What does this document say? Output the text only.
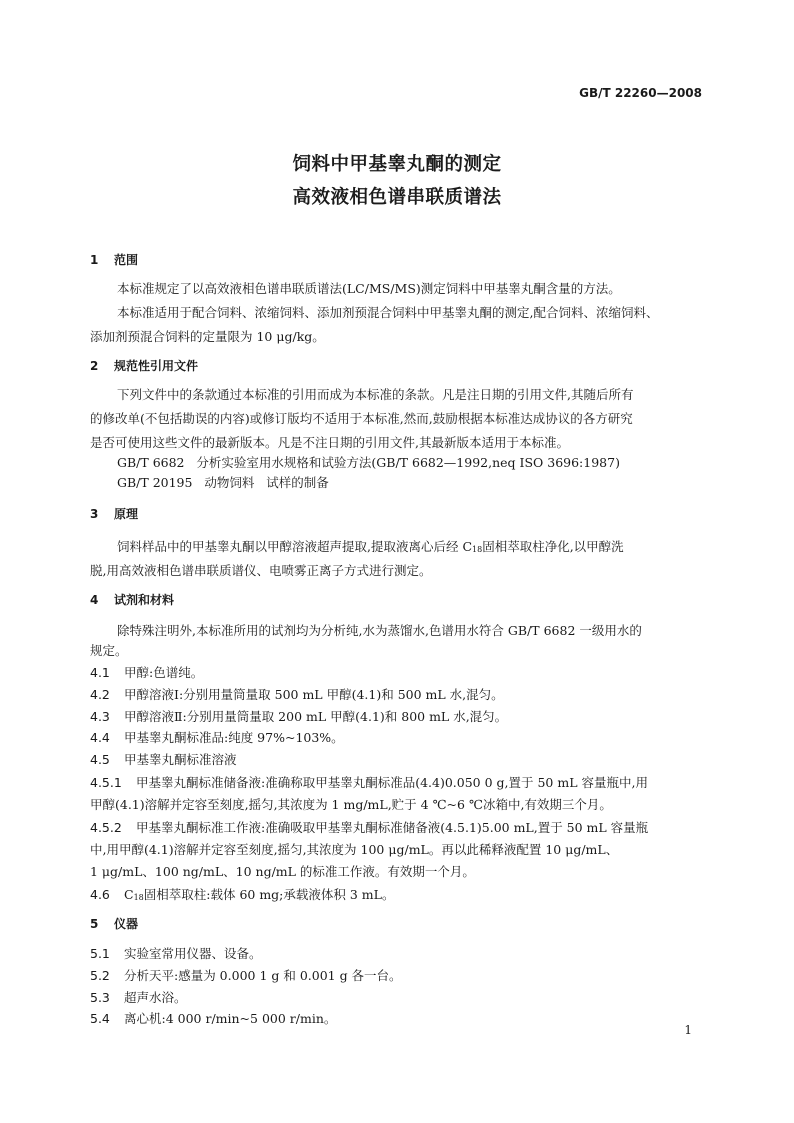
GB/T 22260—2008
饲料中甲基睾丸酮的测定
高效液相色谱串联质谱法
1 范围
本标准规定了以高效液相色谱串联质谱法(LC/MS/MS)测定饲料中甲基睾丸酮含量的方法。
本标准适用于配合饲料、浓缩饲料、添加剂预混合饲料中甲基睾丸酮的测定,配合饲料、浓缩饲料、
添加剂预混合饲料的定量限为 10 μg/kg。
2 规范性引用文件
下列文件中的条款通过本标准的引用而成为本标准的条款。凡是注日期的引用文件,其随后所有
的修改单(不包括勘误的内容)或修订版均不适用于本标准,然而,鼓励根据本标准达成协议的各方研究
是否可使用这些文件的最新版本。凡是不注日期的引用文件,其最新版本适用于本标准。
GB/T 6682   分析实验室用水规格和试验方法(GB/T 6682—1992,neq ISO 3696:1987)
GB/T 20195   动物饲料   试样的制备
3 原理
饲料样品中的甲基睾丸酮以甲醇溶液超声提取,提取液离心后经 C18固相萃取柱净化,以甲醇洗
脱,用高效液相色谱串联质谱仪、电喷雾正离子方式进行测定。
4 试剂和材料
除特殊注明外,本标准所用的试剂均为分析纯,水为蒸馏水,色谱用水符合 GB/T 6682 一级用水的
规定。
4.1 甲醇:色谱纯。
4.2 甲醇溶液Ⅰ:分别用量筒量取 500 mL 甲醇(4.1)和 500 mL 水,混匀。
4.3 甲醇溶液Ⅱ:分别用量筒量取 200 mL 甲醇(4.1)和 800 mL 水,混匀。
4.4 甲基睾丸酮标准品:纯度 97%~103%。
4.5 甲基睾丸酮标准溶液
4.5.1 甲基睾丸酮标准储备液:准确称取甲基睾丸酮标准品(4.4)0.050 0 g,置于 50 mL 容量瓶中,用
甲醇(4.1)溶解并定容至刻度,摇匀,其浓度为 1 mg/mL,贮于 4 ℃~6 ℃冰箱中,有效期三个月。
4.5.2 甲基睾丸酮标准工作液:准确吸取甲基睾丸酮标准储备液(4.5.1)5.00 mL,置于 50 mL 容量瓶
中,用甲醇(4.1)溶解并定容至刻度,摇匀,其浓度为 100 μg/mL。再以此稀释液配置 10 μg/mL、
1 μg/mL、100 ng/mL、10 ng/mL 的标准工作液。有效期一个月。
4.6 C18固相萃取柱:载体 60 mg;承载液体积 3 mL。
5 仪器
5.1 实验室常用仪器、设备。
5.2 分析天平:感量为 0.000 1 g 和 0.001 g 各一台。
5.3 超声水浴。
5.4 离心机:4 000 r/min~5 000 r/min。
1
